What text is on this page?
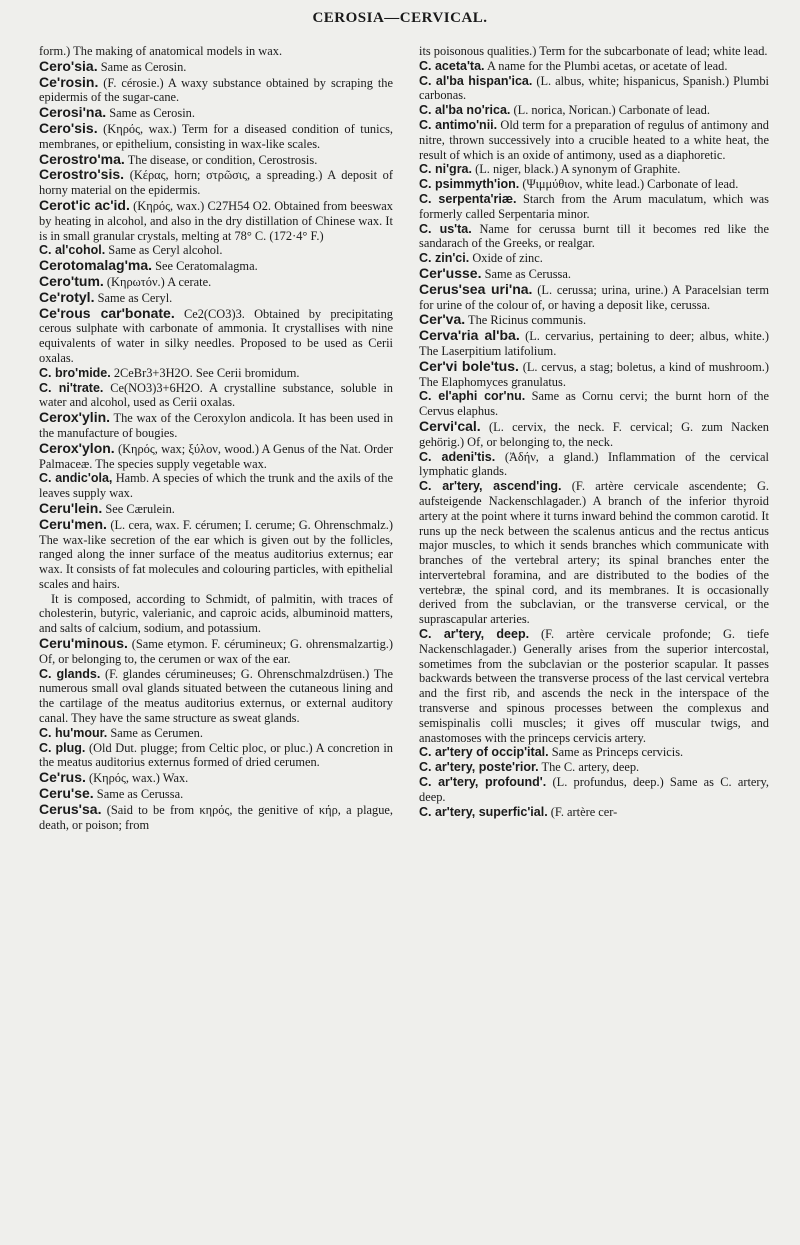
CEROSIA—CERVICAL.

form.) The making of anatomical models in wax.

Cero'sia. Same as Cerosin.

Ce'rosin. (F. cérosie.) A waxy substance obtained by scraping the epidermis of the sugar-cane.

Cerosi'na. Same as Cerosin.

Cero'sis. (Κηρός, wax.) Term for a diseased condition of tunics, membranes, or epithelium, consisting in wax-like scales.

Cerostro'ma. The disease, or condition, Cerostrosis.

Cerostro'sis. (Κέρας, horn; στρῶσις, a spreading.) A deposit of horny material on the epidermis.

Cerot'ic ac'id. (Κηρός, wax.) C27H54 O2. Obtained from beeswax by heating in alcohol, and also in the dry distillation of Chinese wax. It is in small granular crystals, melting at 78° C. (172·4° F.)

C. al'cohol. Same as Ceryl alcohol.

Cerotomalag'ma. See Ceratomalagma.

Cero'tum. (Κηρωτόν.) A cerate.

Ce'rotyl. Same as Ceryl.

Ce'rous car'bonate. Ce2(CO3)3. Obtained by precipitating cerous sulphate with carbonate of ammonia. It crystallises with nine equivalents of water in silky needles. Proposed to be used as Cerii oxalas.

C. bro'mide. 2CeBr3+3H2O. See Cerii bromidum.

C. ni'trate. Ce(NO3)3+6H2O. A crystalline substance, soluble in water and alcohol, used as Cerii oxalas.

Cerox'ylin. The wax of the Ceroxylon andicola. It has been used in the manufacture of bougies.

Cerox'ylon. (Κηρός, wax; ξύλον, wood.) A Genus of the Nat. Order Palmaceæ. The species supply vegetable wax.

C. andic'ola, Hamb. A species of which the trunk and the axils of the leaves supply wax.

Ceru'lein. See Cærulein.

Ceru'men. (L. cera, wax. F. cérumen; I. cerume; G. Ohrenschmalz.) The wax-like secretion of the ear which is given out by the follicles, ranged along the inner surface of the meatus auditorius externus; ear wax. It consists of fat molecules and colouring particles, with epithelial scales and hairs.

It is composed, according to Schmidt, of palmitin, with traces of cholesterin, butyric, valerianic, and caproic acids, albuminoid matters, and salts of calcium, sodium, and potassium.

Ceru'minous. (Same etymon. F. cérumineux; G. ohrensmalzartig.) Of, or belonging to, the cerumen or wax of the ear.

C. glands. (F. glandes cérumineuses; G. Ohrenschmalzdrüsen.) The numerous small oval glands situated between the cutaneous lining and the cartilage of the meatus auditorius externus, or external auditory canal. They have the same structure as sweat glands.

C. hu'mour. Same as Cerumen.

C. plug. (Old Dut. plugge; from Celtic ploc, or pluc.) A concretion in the meatus auditorius externus formed of dried cerumen.

Ce'rus. (Κηρός, wax.) Wax.

Ceru'se. Same as Cerussa.

Cerus'sa. (Said to be from κηρός, the genitive of κήρ, a plague, death, or poison; from

its poisonous qualities.) Term for the subcarbonate of lead; white lead.

C. aceta'ta. A name for the Plumbi acetas, or acetate of lead.

C. al'ba hispan'ica. (L. albus, white; hispanicus, Spanish.) Plumbi carbonas.

C. al'ba no'rica. (L. norica, Norican.) Carbonate of lead.

C. antimo'nii. Old term for a preparation of regulus of antimony and nitre, thrown successively into a crucible heated to a white heat, the result of which is an oxide of antimony, used as a diaphoretic.

C. ni'gra. (L. niger, black.) A synonym of Graphite.

C. psimmyth'ion. (Ψιμμύθιον, white lead.) Carbonate of lead.

C. serpenta'riæ. Starch from the Arum maculatum, which was formerly called Serpentaria minor.

C. us'ta. Name for cerussa burnt till it becomes red like the sandarach of the Greeks, or realgar.

C. zin'ci. Oxide of zinc.

Cer'usse. Same as Cerussa.

Cerus'sea uri'na. (L. cerussa; urina, urine.) A Paracelsian term for urine of the colour of, or having a deposit like, cerussa.

Cer'va. The Ricinus communis.

Cerva'ria al'ba. (L. cervarius, pertaining to deer; albus, white.) The Laserpitium latifolium.

Cer'vi bole'tus. (L. cervus, a stag; boletus, a kind of mushroom.) The Elaphomyces granulatus.

C. el'aphi cor'nu. Same as Cornu cervi; the burnt horn of the Cervus elaphus.

Cervi'cal. (L. cervix, the neck. F. cervical; G. zum Nacken gehörig.) Of, or belonging to, the neck.

C. adeni'tis. (Ἀδήν, a gland.) Inflammation of the cervical lymphatic glands.

C. ar'tery, ascend'ing. (F. artère cervicale ascendente; G. aufsteigende Nackenschlagader.) A branch of the inferior thyroid artery at the point where it turns inward behind the common carotid. It runs up the neck between the scalenus anticus and the rectus anticus major muscles, to which it sends branches which communicate with branches of the vertebral artery; its spinal branches enter the intervertebral foramina, and are distributed to the bodies of the vertebræ, the spinal cord, and its membranes. It is occasionally derived from the subclavian, or the transverse cervical, or the suprascapular arteries.

C. ar'tery, deep. (F. artère cervicale profonde; G. tiefe Nackenschlagader.) Generally arises from the superior intercostal, sometimes from the subclavian or the posterior scapular. It passes backwards between the transverse process of the last cervical vertebra and the first rib, and ascends the neck in the interspace of the transverse and spinous processes between the complexus and semispinalis colli muscles; it gives off muscular twigs, and anastomoses with the princeps cervicis artery.

C. ar'tery of occip'ital. Same as Princeps cervicis.

C. ar'tery, poste'rior. The C. artery, deep.

C. ar'tery, profound'. (L. profundus, deep.) Same as C. artery, deep.

C. ar'tery, superfic'ial. (F. artère cer-
